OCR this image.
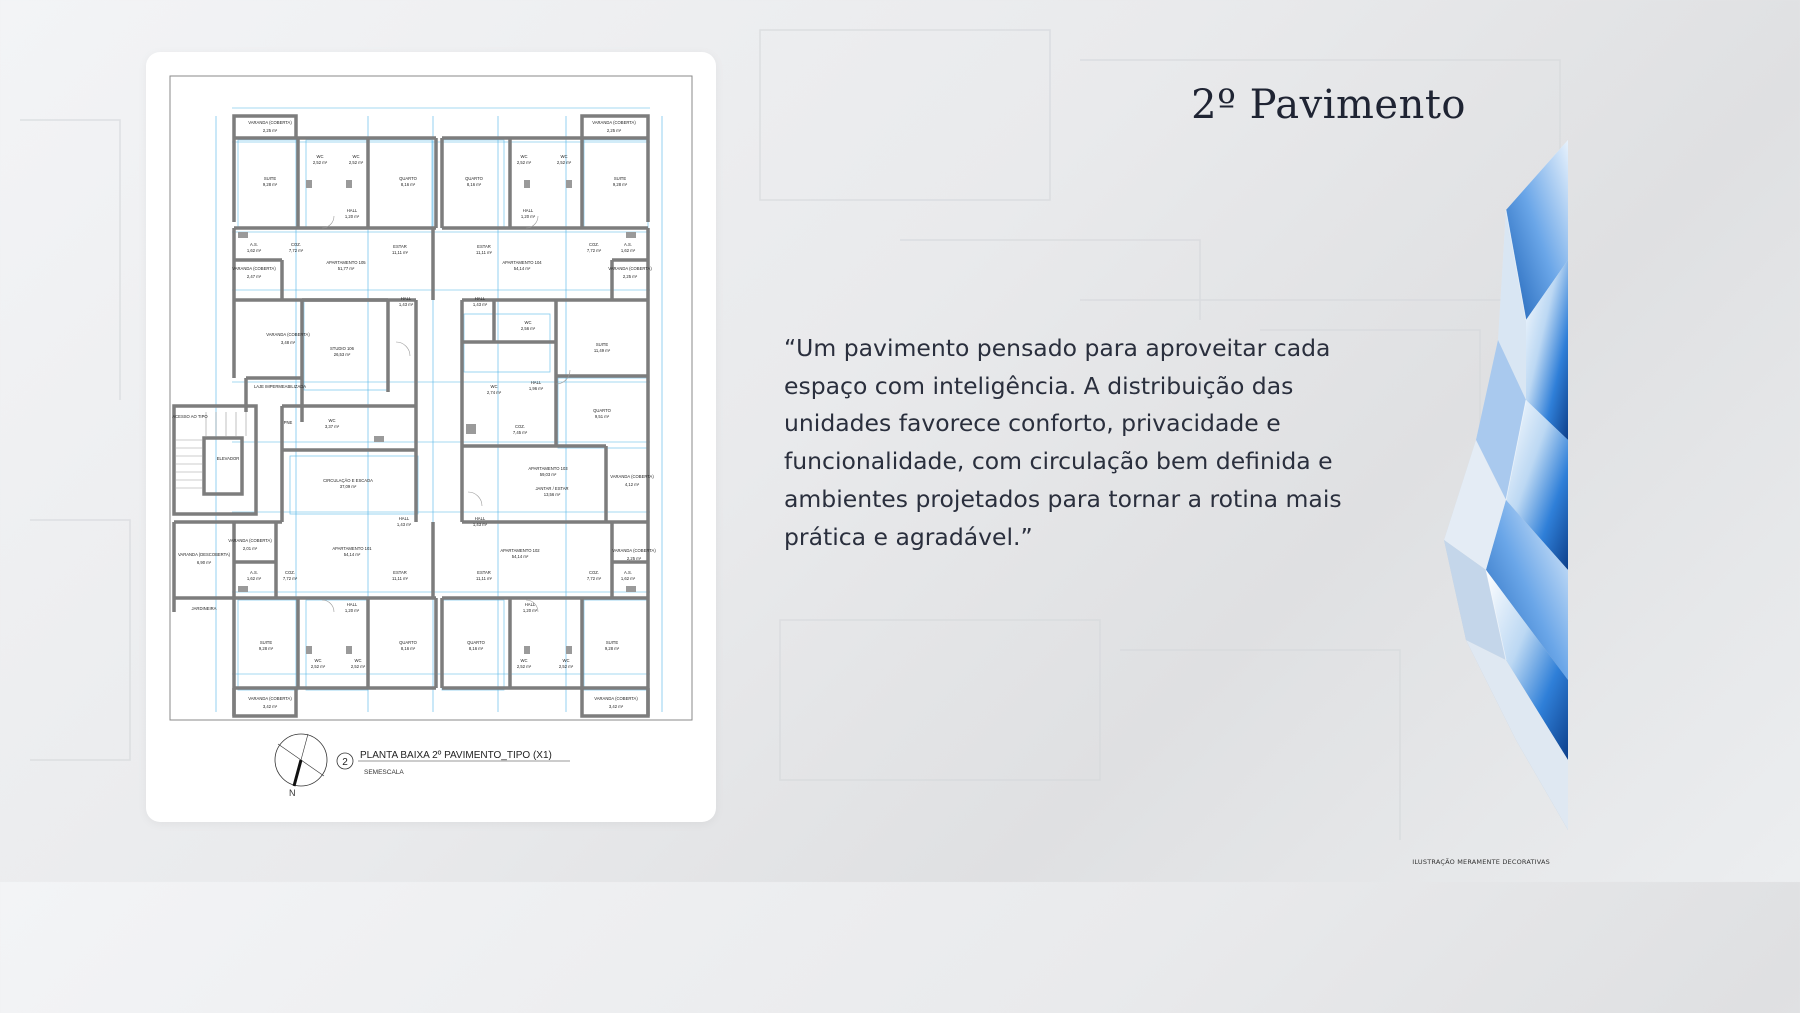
VARANDA (COBERTA)
2,25 m²
VARANDA (COBERTA)
2,25 m²
SUITE
9,28 m²
SUITE
9,28 m²
WC
2,52 m²
WC
2,52 m²
WC
2,52 m²
WC
2,52 m²
QUARTO
8,16 m²
QUARTO
8,16 m²
HALL
1,20 m²
HALL
1,20 m²
A.S.
1,62 m²
A.S.
1,62 m²
COZ.
7,72 m²
COZ.
7,72 m²
ESTAR
11,11 m²
ESTAR
11,11 m²
APARTAMENTO 105
51,77 m²
APARTAMENTO 104
54,14 m²
VARANDA (COBERTA)
2,47 m²
VARANDA (COBERTA)
2,25 m²
HALL
1,43 m²
HALL
1,43 m²
STUDIO 106
26,53 m²
VARANDA (COBERTA)
3,48 m²
LAJE IMPERMEABILIZADA
ACESSO AO TIPO
ELEVADOR
PNE	WC
3,37 m²
CIRCULAÇÃO E ESCADA
37,09 m²
WC
2,74 m²
HALL
1,96 m²
WC
2,56 m²
SUITE
11,49 m²
QUARTO
9,51 m²
COZ.
7,45 m²
APARTAMENTO 103
59,03 m²
JANTAR / ESTAR
13,56 m²
VARANDA (COBERTA)
4,12 m²
HALL
1,43 m²
HALL
1,43 m²
VARANDA (COBERTA)
2,01 m²
VARANDA (DESCOBERTA)
6,90 m²
APARTAMENTO 101
54,14 m²
APARTAMENTO 102
54,14 m²
VARANDA (COBERTA)
2,25 m²
A.S.
1,62 m²
COZ.
7,72 m²
ESTAR
11,11 m²
ESTAR
11,11 m²
COZ.
7,72 m²
A.S.
1,62 m²
JARDINEIRA
HALL
1,20 m²
HALL
1,20 m²
SUITE
9,28 m²
QUARTO
8,16 m²
QUARTO
8,16 m²
SUITE
9,28 m²
WC
2,52 m²
WC
2,52 m²
WC
2,52 m²
WC
2,52 m²
VARANDA (COBERTA)
3,42 m²
VARANDA (COBERTA)
3,42 m²
N
2
PLANTA BAIXA 2º PAVIMENTO_TIPO (X1)
SEMESCALA
2º Pavimento

“Um pavimento pensado para aproveitar cada espaço com inteligência. A distribuição das unidades favorece conforto, privacidade e funcionalidade, com circulação bem definida e ambientes projetados para tornar a rotina mais prática e agradável.”

ILUSTRAÇÃO MERAMENTE DECORATIVAS
